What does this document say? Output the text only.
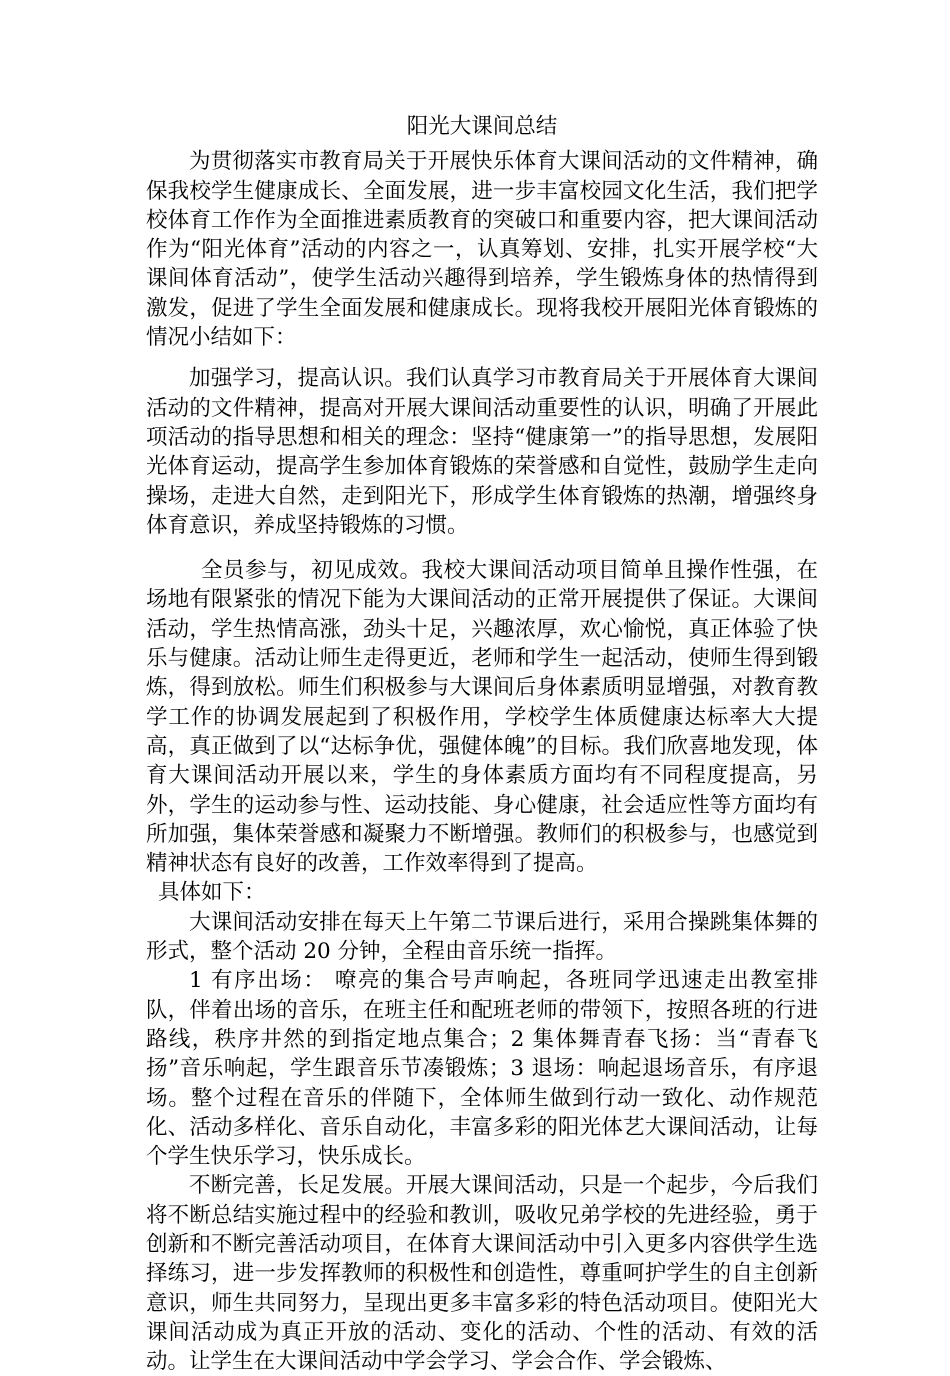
阳光大课间总结

为贯彻落实市教育局关于开展快乐体育大课间活动的文件精神，确保我校学生健康成长、全面发展，进一步丰富校园文化生活，我们把学校体育工作作为全面推进素质教育的突破口和重要内容，把大课间活动作为“阳光体育”活动的内容之一，认真筹划、安排，扎实开展学校“大课间体育活动”，使学生活动兴趣得到培养，学生锻炼身体的热情得到激发，促进了学生全面发展和健康成长。现将我校开展阳光体育锻炼的情况小结如下：

加强学习，提高认识。我们认真学习市教育局关于开展体育大课间活动的文件精神，提高对开展大课间活动重要性的认识，明确了开展此项活动的指导思想和相关的理念：坚持“健康第一”的指导思想，发展阳光体育运动，提高学生参加体育锻炼的荣誉感和自觉性，鼓励学生走向操场，走进大自然，走到阳光下，形成学生体育锻炼的热潮，增强终身体育意识，养成坚持锻炼的习惯。

全员参与，初见成效。我校大课间活动项目简单且操作性强，在场地有限紧张的情况下能为大课间活动的正常开展提供了保证。大课间活动，学生热情高涨，劲头十足，兴趣浓厚，欢心愉悦，真正体验了快乐与健康。活动让师生走得更近，老师和学生一起活动，使师生得到锻炼，得到放松。师生们积极参与大课间后身体素质明显增强，对教育教学工作的协调发展起到了积极作用，学校学生体质健康达标率大大提高，真正做到了以“达标争优，强健体魄”的目标。我们欣喜地发现，体育大课间活动开展以来，学生的身体素质方面均有不同程度提高，另外，学生的运动参与性、运动技能、身心健康，社会适应性等方面均有所加强，集体荣誉感和凝聚力不断增强。教师们的积极参与，也感觉到精神状态有良好的改善，工作效率得到了提高。

具体如下：

大课间活动安排在每天上午第二节课后进行，采用合操跳集体舞的形式，整个活动 20 分钟，全程由音乐统一指挥。

1 有序出场： 嘹亮的集合号声响起，各班同学迅速走出教室排队，伴着出场的音乐，在班主任和配班老师的带领下，按照各班的行进路线，秩序井然的到指定地点集合；2 集体舞青春飞扬：当“青春飞扬”音乐响起，学生跟音乐节凑锻炼；3 退场：响起退场音乐，有序退场。整个过程在音乐的伴随下，全体师生做到行动一致化、动作规范化、活动多样化、音乐自动化，丰富多彩的阳光体艺大课间活动，让每个学生快乐学习，快乐成长。

不断完善，长足发展。开展大课间活动，只是一个起步，今后我们将不断总结实施过程中的经验和教训，吸收兄弟学校的先进经验，勇于创新和不断完善活动项目，在体育大课间活动中引入更多内容供学生选择练习，进一步发挥教师的积极性和创造性，尊重呵护学生的自主创新意识，师生共同努力，呈现出更多丰富多彩的特色活动项目。使阳光大课间活动成为真正开放的活动、变化的活动、个性的活动、有效的活动。让学生在大课间活动中学会学习、学会合作、学会锻炼、
